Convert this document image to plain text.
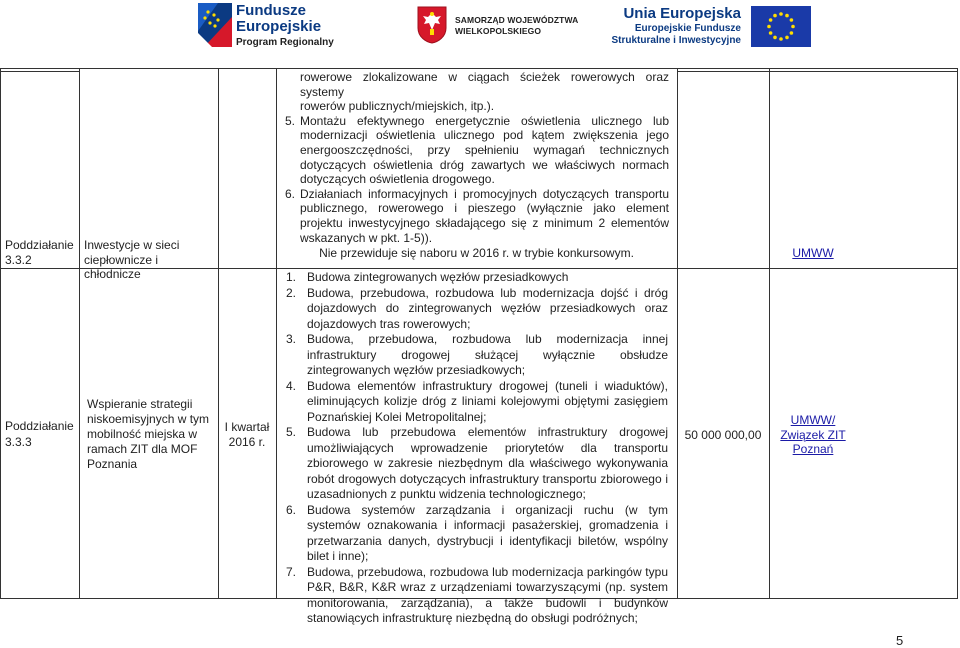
Fundusze
Europejskie
Program Regionalny
SAMORZĄD WOJEWÓDZTWA
WIELKOPOLSKIEGO
Unia Europejska
Europejskie Fundusze
Strukturalne i Inwestycyjne
rowerowe zlokalizowane w ciągach ścieżek rowerowych oraz systemy
rowerów publicznych/miejskich, itp.).
5. Montażu efektywnego energetycznie oświetlenia ulicznego lub modernizacji oświetlenia ulicznego pod kątem zwiększenia jego energooszczędności, przy spełnieniu wymagań technicznych dotyczących oświetlenia dróg zawartych we właściwych normach dotyczących oświetlenia drogowego.
6. Działaniach informacyjnych i promocyjnych dotyczących transportu publicznego, rowerowego i pieszego (wyłącznie jako element projektu inwestycyjnego składającego się z minimum 2 elementów wskazanych w pkt. 1-5)).
Poddziałanie
3.3.2
Inwestycje w sieci
ciepłownicze i chłodnicze
Nie przewiduje się naboru w 2016 r. w trybie konkursowym.	UMWW
Poddziałanie
3.3.3
Wspieranie strategii
niskoemisyjnych w tym
mobilność miejska w
ramach ZIT dla MOF
Poznania
I kwartał
2016 r.
1. Budowa zintegrowanych węzłów przesiadkowych
2. Budowa, przebudowa, rozbudowa lub modernizacja dojść i dróg dojazdowych do zintegrowanych węzłów przesiadkowych oraz dojazdowych tras rowerowych;
3. Budowa, przebudowa, rozbudowa lub modernizacja innej infrastruktury drogowej służącej wyłącznie obsłudze zintegrowanych węzłów przesiadkowych;
4. Budowa elementów infrastruktury drogowej (tuneli i wiaduktów), eliminujących kolizje dróg z liniami kolejowymi objętymi zasięgiem Poznańskiej Kolei Metropolitalnej;
5. Budowa lub przebudowa elementów infrastruktury drogowej umożliwiających wprowadzenie priorytetów dla transportu zbiorowego w zakresie niezbędnym dla właściwego wykonywania robót drogowych dotyczących infrastruktury transportu zbiorowego i uzasadnionych z punktu widzenia technologicznego;
6. Budowa systemów zarządzania i organizacji ruchu (w tym systemów oznakowania i informacji pasażerskiej, gromadzenia i przetwarzania danych, dystrybucji i identyfikacji biletów, wspólny bilet i inne);
7. Budowa, przebudowa, rozbudowa lub modernizacja parkingów typu P&R, B&R, K&R wraz z urządzeniami towarzyszącymi (np. system monitorowania, zarządzania), a także budowli i budynków stanowiących infrastrukturę niezbędną do obsługi podróżnych;
50 000 000,00
UMWW/
Związek ZIT
Poznań
5
